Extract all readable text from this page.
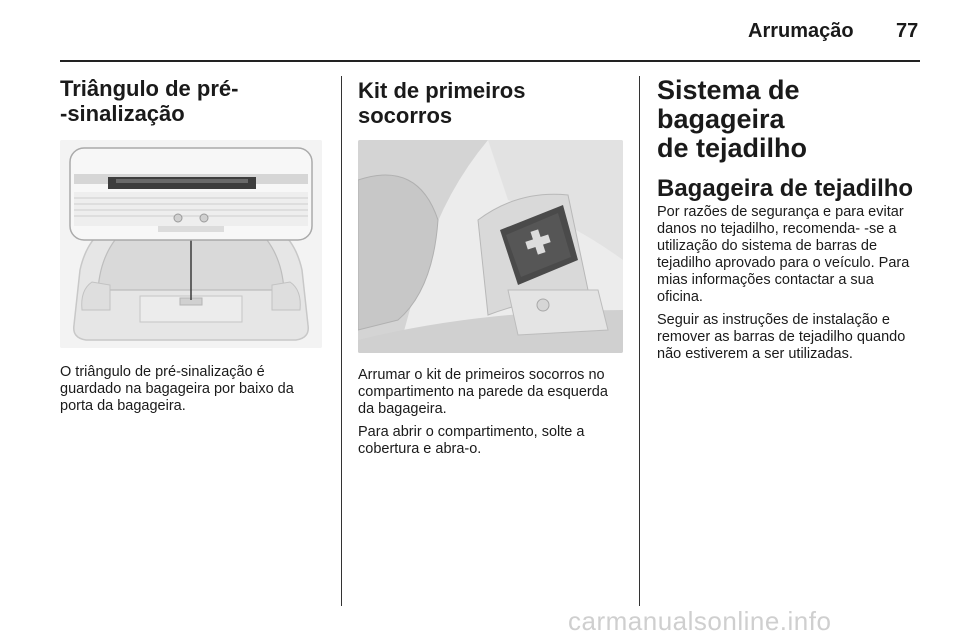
Arrumação 77
Triângulo de pré-
-sinalização

O triângulo de pré-sinalização é guardado na bagageira por baixo da porta da bagageira.

Kit de primeiros socorros

Arrumar o kit de primeiros socorros no compartimento na parede da esquerda da bagageira.

Para abrir o compartimento, solte a cobertura e abra-o.

Sistema de bagageira
de tejadilho
Bagageira de tejadilho

Por razões de segurança e para evitar danos no tejadilho, recomenda- -se a utilização do sistema de barras de tejadilho aprovado para o veículo. Para mias informações contactar a sua oficina.

Seguir as instruções de instalação e remover as barras de tejadilho quando não estiverem a ser utilizadas.

carmanualsonline.info
